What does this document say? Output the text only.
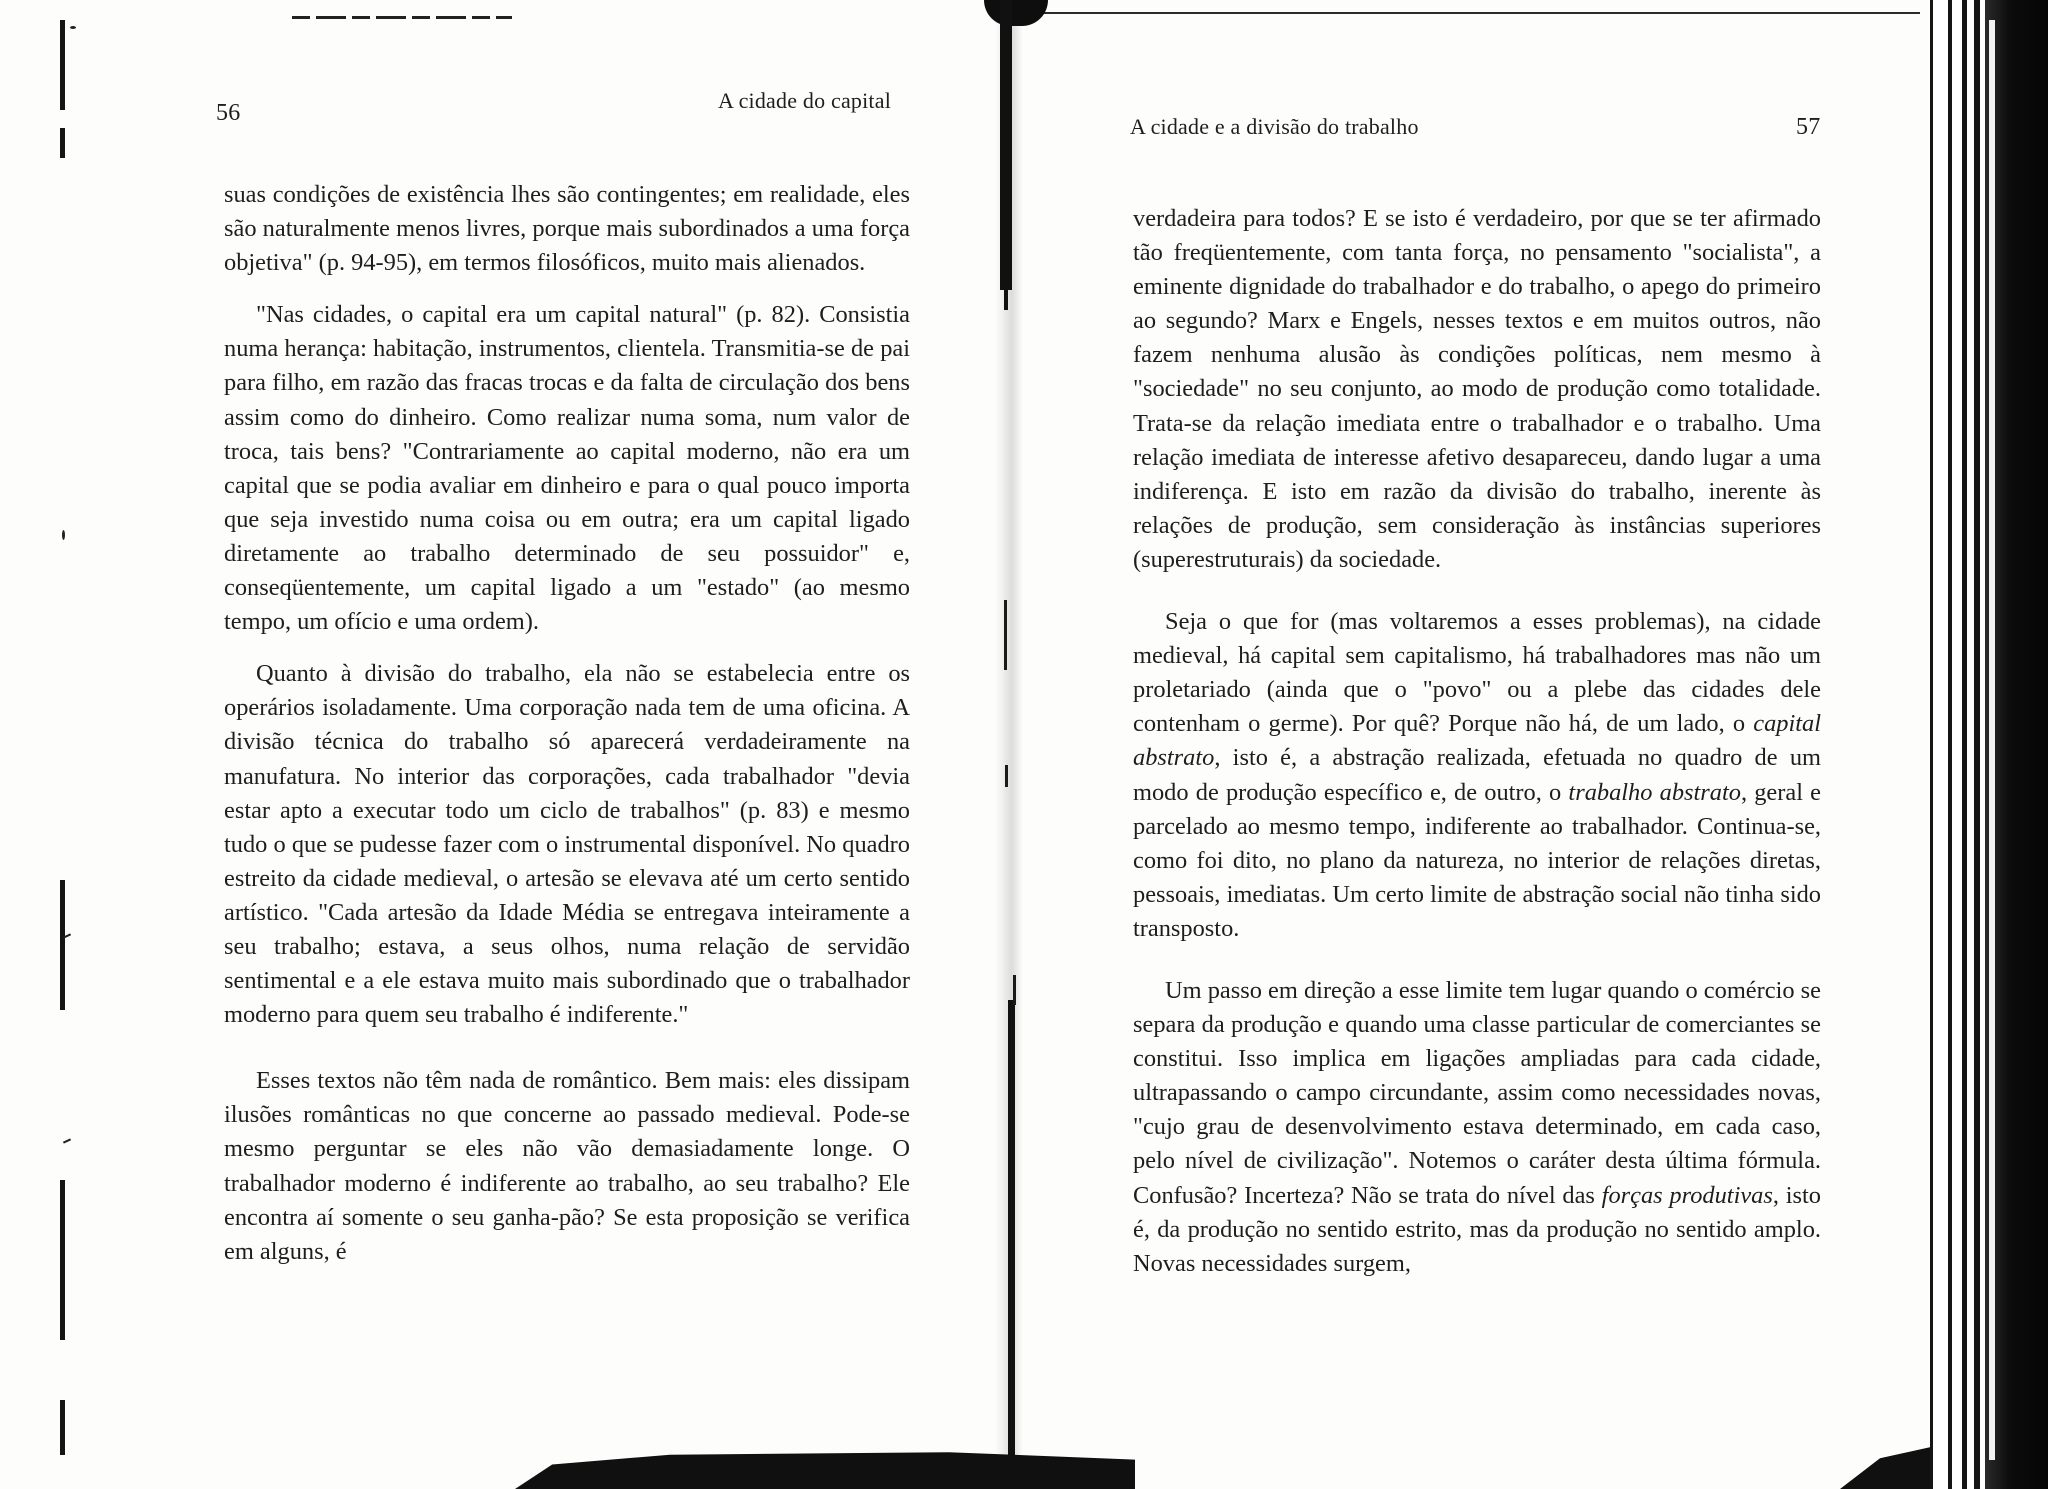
56	A cidade do capital

suas condições de existência lhes são contingentes; em realidade, eles são naturalmente menos livres, porque mais subordinados a uma força objetiva" (p. 94-95), em termos filosóficos, muito mais alienados.

"Nas cidades, o capital era um capital natural" (p. 82). Consistia numa herança: habitação, instrumentos, clientela. Transmitia-se de pai para filho, em razão das fracas trocas e da falta de circulação dos bens assim como do dinheiro. Como realizar numa soma, num valor de troca, tais bens? "Contrariamente ao capital moderno, não era um capital que se podia avaliar em dinheiro e para o qual pouco importa que seja investido numa coisa ou em outra; era um capital ligado diretamente ao trabalho determinado de seu possuidor" e, conseqüentemente, um capital ligado a um "estado" (ao mesmo tempo, um ofício e uma ordem).

Quanto à divisão do trabalho, ela não se estabelecia entre os operários isoladamente. Uma corporação nada tem de uma oficina. A divisão técnica do trabalho só aparecerá verdadeiramente na manufatura. No interior das corporações, cada trabalhador "devia estar apto a executar todo um ciclo de trabalhos" (p. 83) e mesmo tudo o que se pudesse fazer com o instrumental disponível. No quadro estreito da cidade medieval, o artesão se elevava até um certo sentido artístico. "Cada artesão da Idade Média se entregava inteiramente a seu trabalho; estava, a seus olhos, numa relação de servidão sentimental e a ele estava muito mais subordinado que o trabalhador moderno para quem seu trabalho é indiferente."

Esses textos não têm nada de romântico. Bem mais: eles dissipam ilusões românticas no que concerne ao passado medieval. Pode-se mesmo perguntar se eles não vão demasiadamente longe. O trabalhador moderno é indiferente ao trabalho, ao seu trabalho? Ele encontra aí somente o seu ganha-pão? Se esta proposição se verifica em alguns, é

A cidade e a divisão do trabalho	57

verdadeira para todos? E se isto é verdadeiro, por que se ter afirmado tão freqüentemente, com tanta força, no pensamento "socialista", a eminente dignidade do trabalhador e do trabalho, o apego do primeiro ao segundo? Marx e Engels, nesses textos e em muitos outros, não fazem nenhuma alusão às condições políticas, nem mesmo à "sociedade" no seu conjunto, ao modo de produção como totalidade. Trata-se da relação imediata entre o trabalhador e o trabalho. Uma relação imediata de interesse afetivo desapareceu, dando lugar a uma indiferença. E isto em razão da divisão do trabalho, inerente às relações de produção, sem consideração às instâncias superiores (superestruturais) da sociedade.

Seja o que for (mas voltaremos a esses problemas), na cidade medieval, há capital sem capitalismo, há trabalhadores mas não um proletariado (ainda que o "povo" ou a plebe das cidades dele contenham o germe). Por quê? Porque não há, de um lado, o capital abstrato, isto é, a abstração realizada, efetuada no quadro de um modo de produção específico e, de outro, o trabalho abstrato, geral e parcelado ao mesmo tempo, indiferente ao trabalhador. Continua-se, como foi dito, no plano da natureza, no interior de relações diretas, pessoais, imediatas. Um certo limite de abstração social não tinha sido transposto.

Um passo em direção a esse limite tem lugar quando o comércio se separa da produção e quando uma classe particular de comerciantes se constitui. Isso implica em ligações ampliadas para cada cidade, ultrapassando o campo circundante, assim como necessidades novas, "cujo grau de desenvolvimento estava determinado, em cada caso, pelo nível de civilização". Notemos o caráter desta última fórmula. Confusão? Incerteza? Não se trata do nível das forças produtivas, isto é, da produção no sentido estrito, mas da produção no sentido amplo. Novas necessidades surgem,
